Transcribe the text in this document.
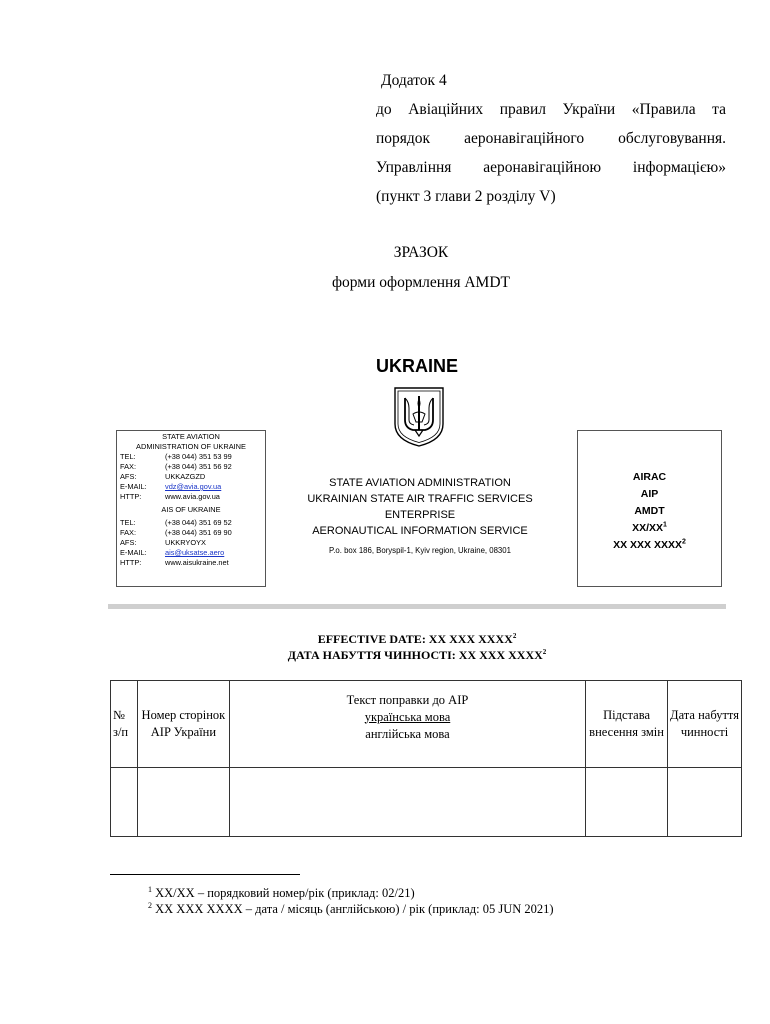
Додаток 4
до Авіаційних правил України «Правила та
порядок аеронавігаційного обслуговування.
Управління аеронавігаційною інформацією»
(пункт 3 глави 2 розділу V)
ЗРАЗОК
форми оформлення AMDT
UKRAINE
STATE AVIATION
ADMINISTRATION OF UKRAINE
TEL:	(+38 044) 351 53 99
FAX:	(+38 044) 351 56 92
AFS:	UKKAZGZD
E-MAIL:	vdz@avia.gov.ua
HTTP:	www.avia.gov.ua
AIS OF UKRAINE
TEL:	(+38 044) 351 69 52
FAX:	(+38 044) 351 69 90
AFS:	UKKRYOYX
E-MAIL:	ais@uksatse.aero
HTTP:	www.aisukraine.net
STATE AVIATION ADMINISTRATION
UKRAINIAN STATE AIR TRAFFIC SERVICES
ENTERPRISE
AERONAUTICAL INFORMATION SERVICE
P.o. box 186, Boryspil-1, Kyiv region, Ukraine, 08301
AIRAC
AIP
AMDT
$XX/XX^1$
XX XXX XXXX$^2$
EFFECTIVE DATE: XX XXX XXXX$^2$
ДАТА НАБУТТЯ ЧИННОСТІ: XX XXX XXXX$^2$
№ з/п	Номер сторінок AIP України	Текст поправки до AIP
українська мова
англійська мова	Підстава внесення змін	Дата набуття чинності

$^1$ XX/XX – порядковий номер/рік (приклад: 02/21)
$^2$ XX XXX XXXX – дата / місяць (англійською) / рік (приклад: 05 JUN 2021)
